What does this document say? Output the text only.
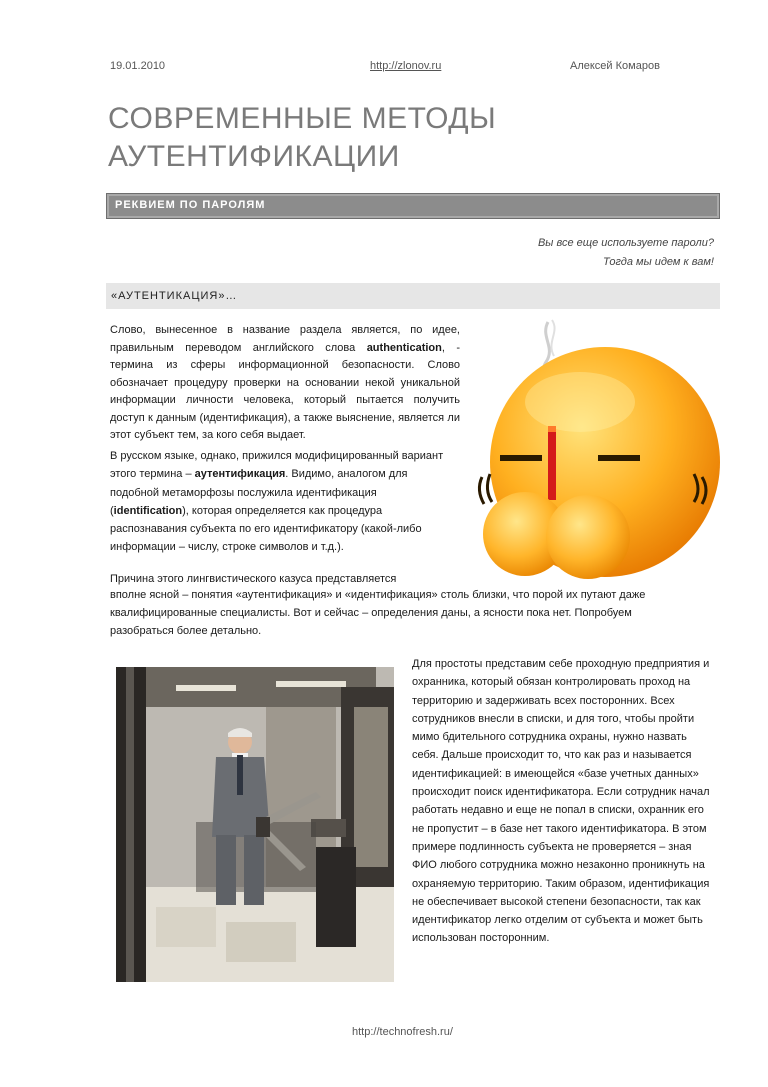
19.01.2010	http://zlonov.ru	Алексей Комаров
СОВРЕМЕННЫЕ МЕТОДЫ
АУТЕНТИФИКАЦИИ
РЕКВИЕМ ПО ПАРОЛЯМ
Вы все еще используете пароли?
Тогда мы идем к вам!
«АУТЕНТИКАЦИЯ»…
Слово, вынесенное в название раздела является, по идее, правильным переводом английского слова authentication, - термина из сферы информационной безопасности. Слово обозначает процедуру проверки на основании некой уникальной информации личности человека, который пытается получить доступ к данным (идентификация), а также выяснение, является ли этот субъект тем, за кого себя выдает.
В русском языке, однако, прижился модифицированный вариант этого термина – аутентификация. Видимо, аналогом для подобной метаморфозы послужила идентификация (identification), которая определяется как процедура распознавания субъекта по его идентификатору (какой-либо информации – числу, строке символов и т.д.).
Причина этого лингвистического казуса представляется
вполне ясной – понятия «аутентификация» и «идентификация» столь близки, что порой их путают даже квалифицированные специалисты. Вот и сейчас – определения даны, а ясности пока нет. Попробуем разобраться более детально.
Для простоты представим себе проходную предприятия и охранника, который обязан контролировать проход на территорию и задерживать всех посторонних. Всех сотрудников внесли в списки, и для того, чтобы пройти мимо бдительного сотрудника охраны, нужно назвать себя. Дальше происходит то, что как раз и называется идентификацией: в имеющейся «базе учетных данных» происходит поиск идентификатора. Если сотрудник начал работать недавно и еще не попал в списки, охранник его не пропустит – в базе нет такого идентификатора. В этом примере подлинность субъекта не проверяется – зная ФИО любого сотрудника можно незаконно проникнуть на охраняемую территорию. Таким образом, идентификация не обеспечивает высокой степени безопасности, так как идентификатор легко отделим от субъекта и может быть использован посторонним.
http://technofresh.ru/
